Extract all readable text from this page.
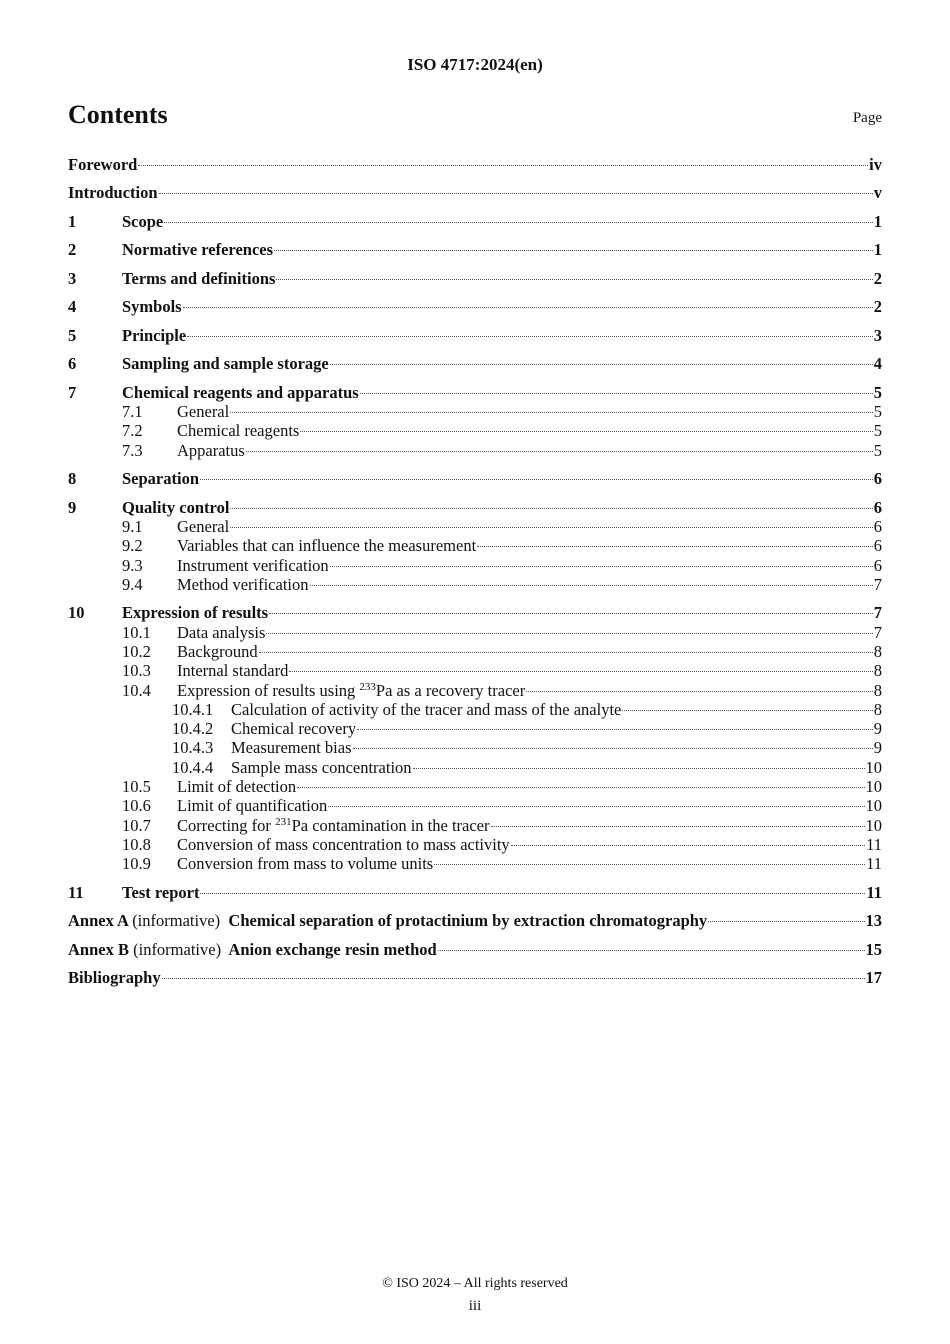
ISO 4717:2024(en)
Contents	Page
Foreword	iv
Introduction	v
1	Scope	1
2	Normative references	1
3	Terms and definitions	2
4	Symbols	2
5	Principle	3
6	Sampling and sample storage	4
7	Chemical reagents and apparatus	5
7.1	General	5
7.2	Chemical reagents	5
7.3	Apparatus	5
8	Separation	6
9	Quality control	6
9.1	General	6
9.2	Variables that can influence the measurement	6
9.3	Instrument verification	6
9.4	Method verification	7
10	Expression of results	7
10.1	Data analysis	7
10.2	Background	8
10.3	Internal standard	8
10.4	Expression of results using $^{233}$Pa as a recovery tracer	8
10.4.1	Calculation of activity of the tracer and mass of the analyte	8
10.4.2	Chemical recovery	9
10.4.3	Measurement bias	9
10.4.4	Sample mass concentration	10
10.5	Limit of detection	10
10.6	Limit of quantification	10
10.7	Correcting for $^{231}$Pa contamination in the tracer	10
10.8	Conversion of mass concentration to mass activity	11
10.9	Conversion from mass to volume units	11
11	Test report	11
Annex A (informative) Chemical separation of protactinium by extraction chromatography	13
Annex B (informative) Anion exchange resin method	15
Bibliography	17
© ISO 2024 – All rights reserved
iii
